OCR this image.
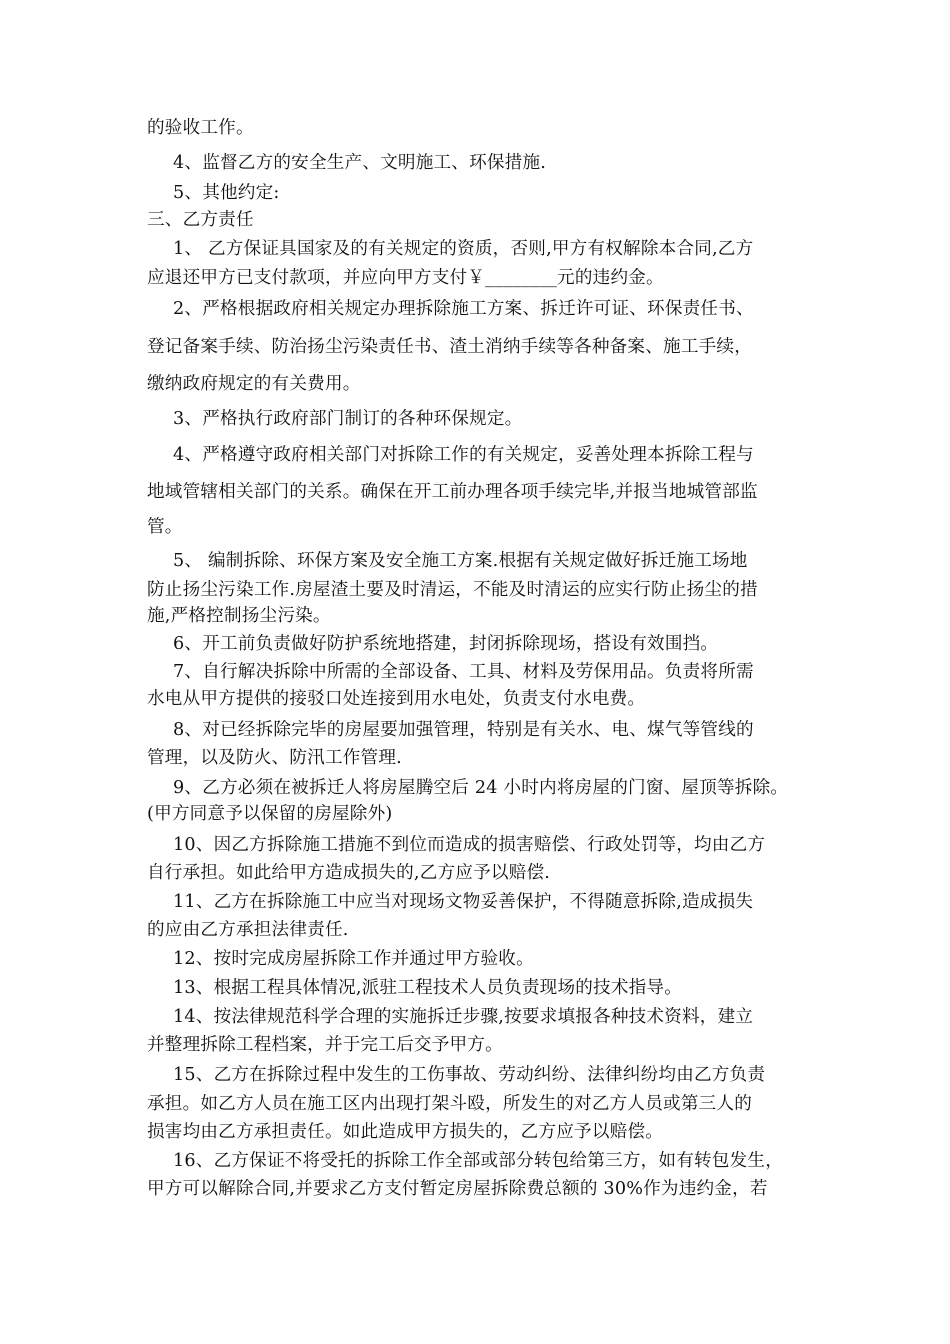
的验收工作。
4、监督乙方的安全生产、文明施工、环保措施.
5、其他约定:
三、乙方责任
1、 乙方保证具国家及的有关规定的资质，否则,甲方有权解除本合同,乙方
应退还甲方已支付款项，并应向甲方支付￥________元的违约金。
2、严格根据政府相关规定办理拆除施工方案、拆迁许可证、环保责任书、
登记备案手续、防治扬尘污染责任书、渣土消纳手续等各种备案、施工手续，
缴纳政府规定的有关费用。
3、严格执行政府部门制订的各种环保规定。
4、严格遵守政府相关部门对拆除工作的有关规定，妥善处理本拆除工程与
地域管辖相关部门的关系。确保在开工前办理各项手续完毕,并报当地城管部监
管。
5、 编制拆除、环保方案及安全施工方案.根据有关规定做好拆迁施工场地
防止扬尘污染工作.房屋渣土要及时清运，不能及时清运的应实行防止扬尘的措
施,严格控制扬尘污染。
6、开工前负责做好防护系统地搭建，封闭拆除现场，搭设有效围挡。
7、自行解决拆除中所需的全部设备、工具、材料及劳保用品。负责将所需
水电从甲方提供的接驳口处连接到用水电处，负责支付水电费。
8、对已经拆除完毕的房屋要加强管理，特别是有关水、电、煤气等管线的
管理，以及防火、防汛工作管理.
9、乙方必须在被拆迁人将房屋腾空后 24 小时内将房屋的门窗、屋顶等拆除。
(甲方同意予以保留的房屋除外)
10、因乙方拆除施工措施不到位而造成的损害赔偿、行政处罚等，均由乙方
自行承担。如此给甲方造成损失的,乙方应予以赔偿.
11、乙方在拆除施工中应当对现场文物妥善保护，不得随意拆除,造成损失
的应由乙方承担法律责任.
12、按时完成房屋拆除工作并通过甲方验收。
13、根据工程具体情况,派驻工程技术人员负责现场的技术指导。
14、按法律规范科学合理的实施拆迁步骤,按要求填报各种技术资料，建立
并整理拆除工程档案，并于完工后交予甲方。
15、乙方在拆除过程中发生的工伤事故、劳动纠纷、法律纠纷均由乙方负责
承担。如乙方人员在施工区内出现打架斗殴，所发生的对乙方人员或第三人的
损害均由乙方承担责任。如此造成甲方损失的，乙方应予以赔偿。
16、乙方保证不将受托的拆除工作全部或部分转包给第三方，如有转包发生，
甲方可以解除合同,并要求乙方支付暂定房屋拆除费总额的 30%作为违约金，若
